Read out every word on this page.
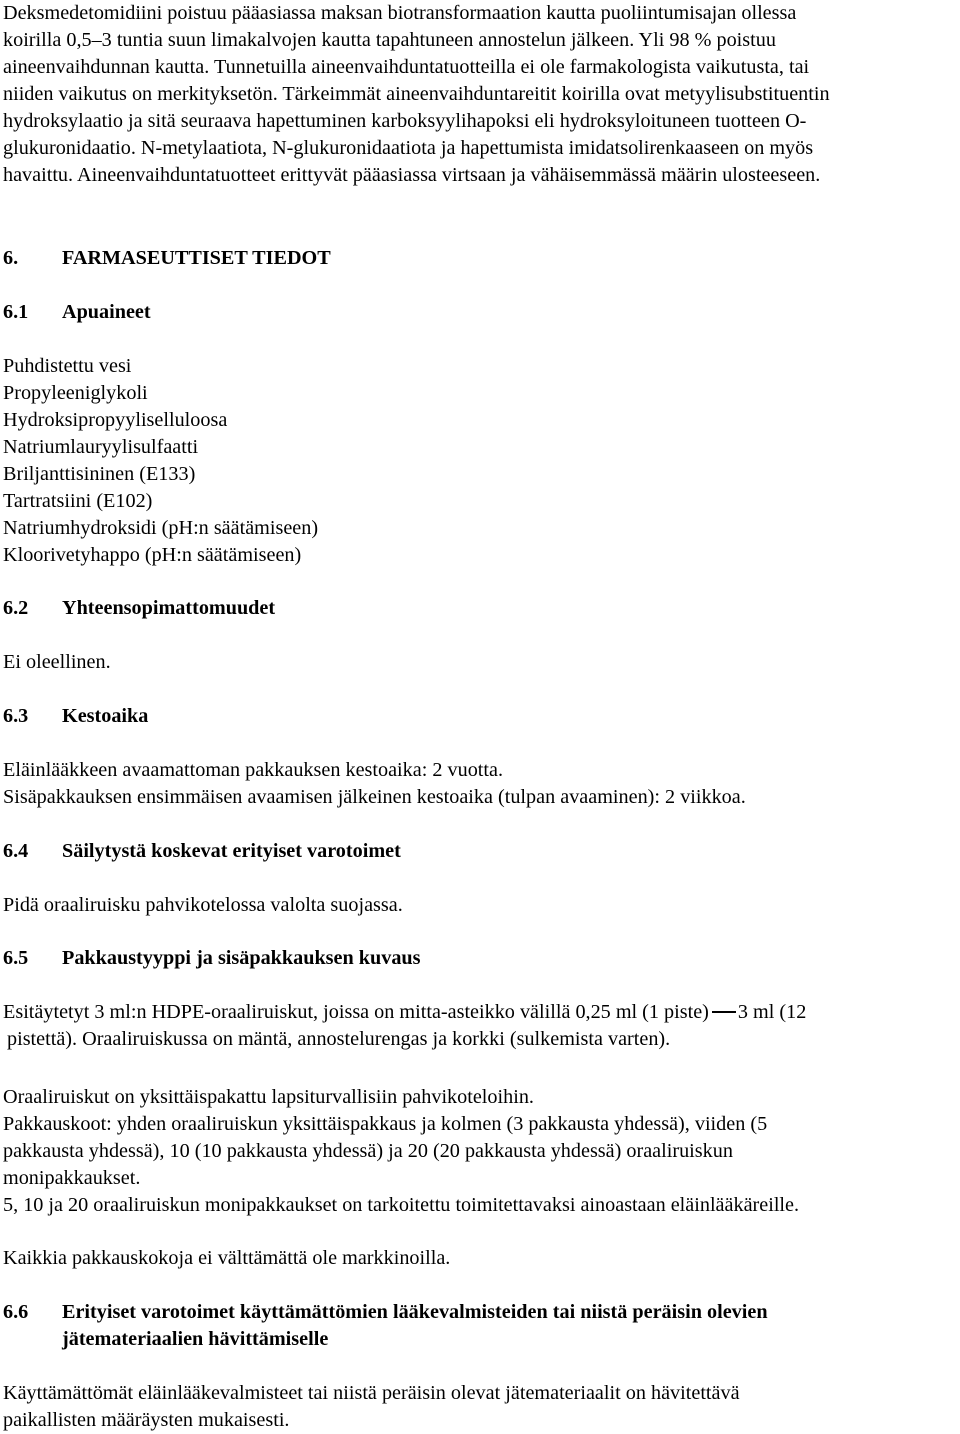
Deksmedetomidiini poistuu pääasiassa maksan biotransformaation kautta puoliintumisajan ollessa
koirilla 0,5–3 tuntia suun limakalvojen kautta tapahtuneen annostelun jälkeen. Yli 98 % poistuu
aineenvaihdunnan kautta. Tunnetuilla aineenvaihduntatuotteilla ei ole farmakologista vaikutusta, tai
niiden vaikutus on merkityksetön. Tärkeimmät aineenvaihduntareitit koirilla ovat metyylisubstituentin
hydroksylaatio ja sitä seuraava hapettuminen karboksyylihapoksi eli hydroksyloituneen tuotteen O-
glukuronidaatio. N-metylaatiota, N-glukuronidaatiota ja hapettumista imidatsolirenkaaseen on myös
havaittu. Aineenvaihduntatuotteet erittyvät pääasiassa virtsaan ja vähäisemmässä määrin ulosteeseen.
6. FARMASEUTTISET TIEDOT
6.1 Apuaineet
Puhdistettu vesi
Propyleeniglykoli
Hydroksipropyyliselluloosa
Natriumlauryylisulfaatti
Briljanttisininen (E133)
Tartratsiini (E102)
Natriumhydroksidi (pH:n säätämiseen)
Kloorivetyhappo (pH:n säätämiseen)
6.2 Yhteensopimattomuudet
Ei oleellinen.
6.3 Kestoaika
Eläinlääkkeen avaamattoman pakkauksen kestoaika: 2 vuotta.
Sisäpakkauksen ensimmäisen avaamisen jälkeinen kestoaika (tulpan avaaminen): 2 viikkoa.
6.4 Säilytystä koskevat erityiset varotoimet
Pidä oraaliruisku pahvikotelossa valolta suojassa.
6.5 Pakkaustyyppi ja sisäpakkauksen kuvaus
Esitäytetyt 3 ml:n HDPE-oraaliruiskut, joissa on mitta-asteikko välillä 0,25 ml (1 piste) 3 ml (12
pistettä). Oraaliruiskussa on mäntä, annostelurengas ja korkki (sulkemista varten).
Oraaliruiskut on yksittäispakattu lapsiturvallisiin pahvikoteloihin.
Pakkauskoot: yhden oraaliruiskun yksittäispakkaus ja kolmen (3 pakkausta yhdessä), viiden (5
pakkausta yhdessä), 10 (10 pakkausta yhdessä) ja 20 (20 pakkausta yhdessä) oraaliruiskun
monipakkaukset.
5, 10 ja 20 oraaliruiskun monipakkaukset on tarkoitettu toimitettavaksi ainoastaan eläinlääkäreille.
Kaikkia pakkauskokoja ei välttämättä ole markkinoilla.
6.6 Erityiset varotoimet käyttämättömien lääkevalmisteiden tai niistä peräisin olevien
jätemateriaalien hävittämiselle
Käyttämättömät eläinlääkevalmisteet tai niistä peräisin olevat jätemateriaalit on hävitettävä
paikallisten määräysten mukaisesti.
